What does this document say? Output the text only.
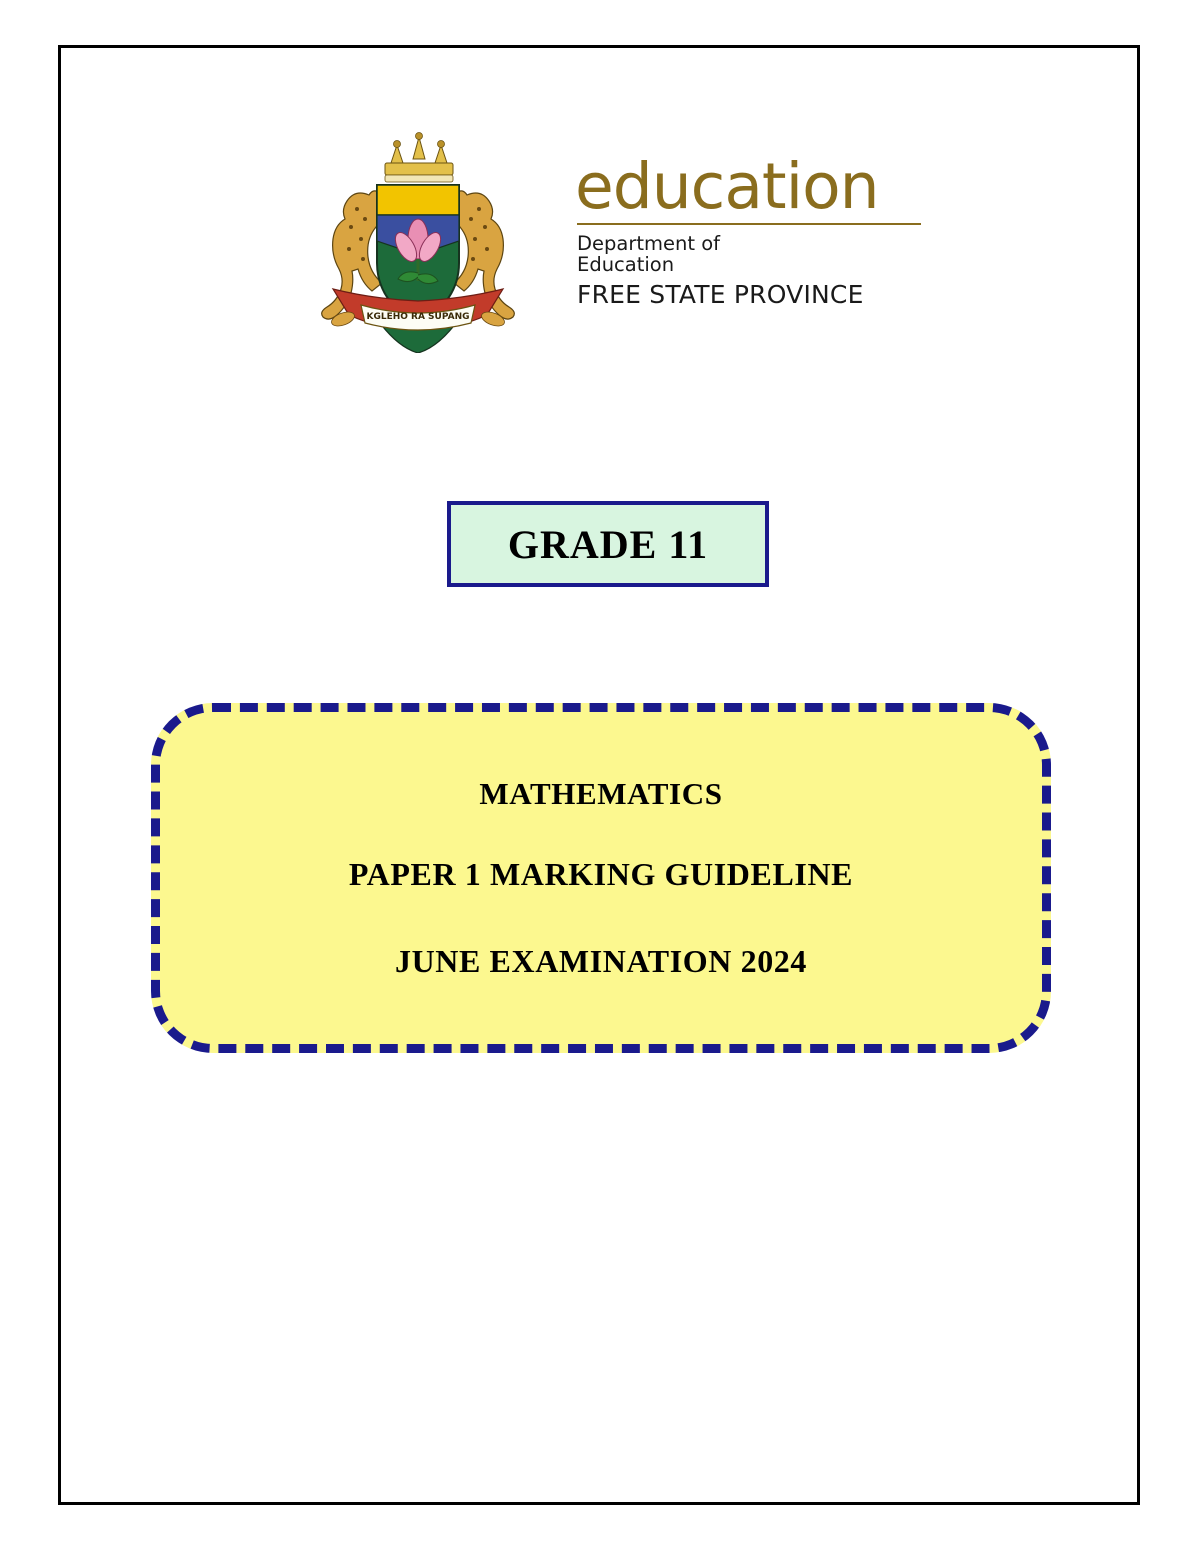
KGLEHO RA SUPANG
education
Department of
Education
FREE STATE PROVINCE
GRADE 11
MATHEMATICS
PAPER 1 MARKING GUIDELINE
JUNE EXAMINATION 2024
